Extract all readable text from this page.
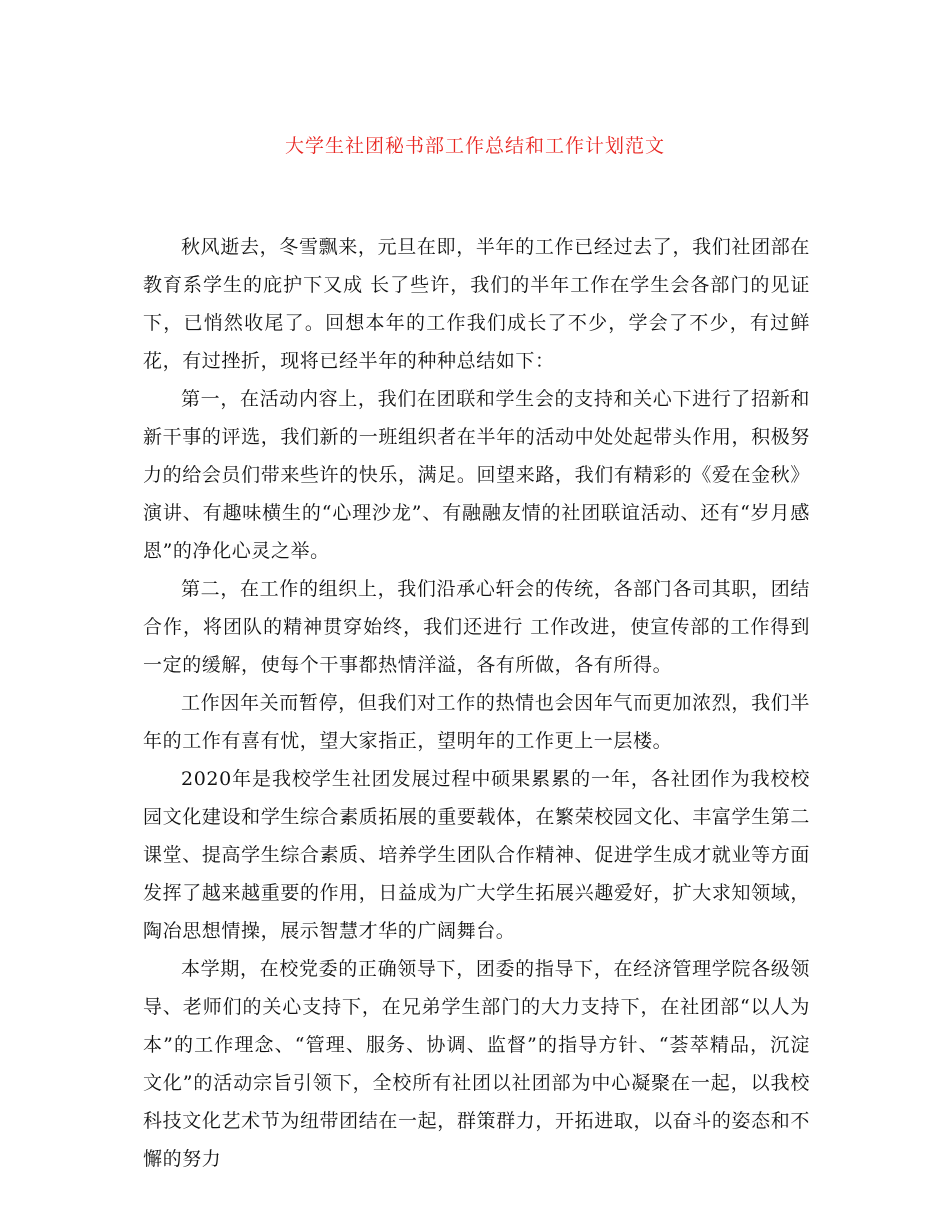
大学生社团秘书部工作总结和工作计划范文

秋风逝去，冬雪飘来，元旦在即，半年的工作已经过去了，我们社团部在教育系学生的庇护下又成 长了些许，我们的半年工作在学生会各部门的见证下，已悄然收尾了。回想本年的工作我们成长了不少，学会了不少，有过鲜花，有过挫折，现将已经半年的种种总结如下：

第一，在活动内容上，我们在团联和学生会的支持和关心下进行了招新和新干事的评选，我们新的一班组织者在半年的活动中处处起带头作用，积极努力的给会员们带来些许的快乐，满足。回望来路，我们有精彩的《爱在金秋》演讲、有趣味横生的“心理沙龙”、有融融友情的社团联谊活动、还有“岁月感恩”的净化心灵之举。

第二，在工作的组织上，我们沿承心轩会的传统，各部门各司其职，团结合作，将团队的精神贯穿始终，我们还进行 工作改进，使宣传部的工作得到一定的缓解，使每个干事都热情洋溢，各有所做，各有所得。

工作因年关而暂停，但我们对工作的热情也会因年气而更加浓烈，我们半年的工作有喜有忧，望大家指正，望明年的工作更上一层楼。

2020年是我校学生社团发展过程中硕果累累的一年，各社团作为我校校园文化建设和学生综合素质拓展的重要载体，在繁荣校园文化、丰富学生第二课堂、提高学生综合素质、培养学生团队合作精神、促进学生成才就业等方面发挥了越来越重要的作用，日益成为广大学生拓展兴趣爱好，扩大求知领域，陶冶思想情操，展示智慧才华的广阔舞台。

本学期，在校党委的正确领导下，团委的指导下，在经济管理学院各级领导、老师们的关心支持下，在兄弟学生部门的大力支持下，在社团部“以人为本”的工作理念、“管理、服务、协调、监督”的指导方针、“荟萃精品，沉淀文化”的活动宗旨引领下，全校所有社团以社团部为中心凝聚在一起，以我校科技文化艺术节为纽带团结在一起，群策群力，开拓进取，以奋斗的姿态和不懈的努力
